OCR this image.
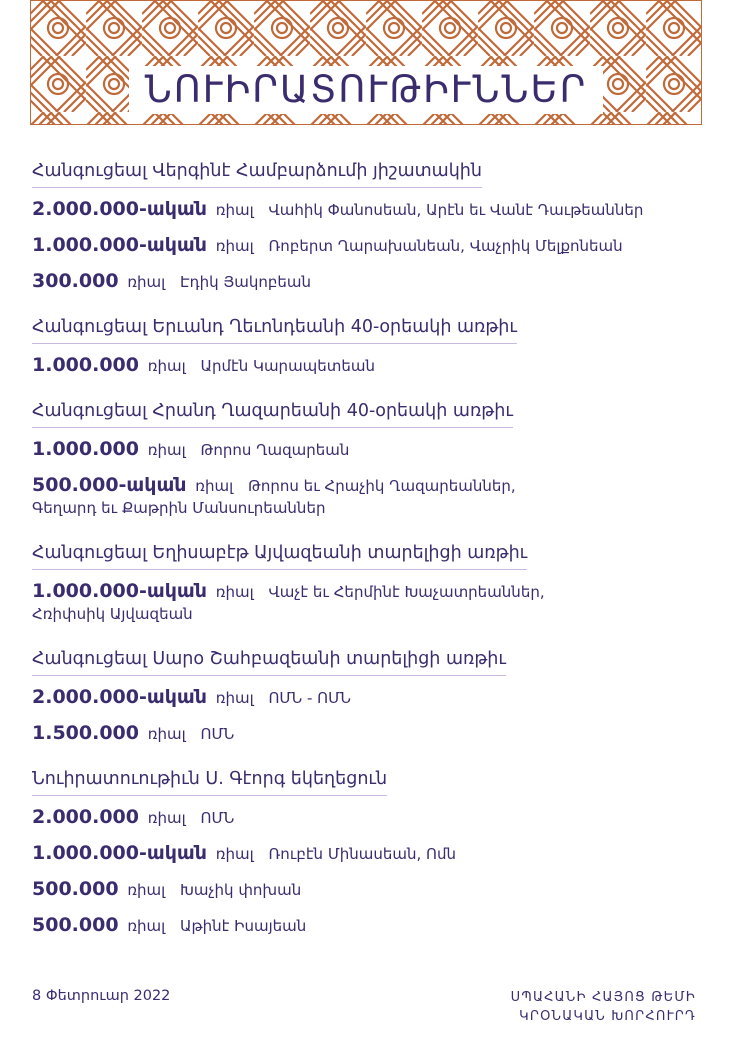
ՆՈՒԻՐԱՏՈՒԹԻՒՆՆԵՐ
Հանգուցեալ Վերգինէ Համբարձումի յիշատակին
2.000.000-ական ռիալ Վաhիկ Փանոսեան, Արէն եւ Վանէ Դաւթեաններ
1.000.000-ական ռիալ Ռոբերտ Ղարախանեան, Վաչրիկ Մելքոնեան
300.000 ռիալ Էդիկ Յակոբեան
Հանգուցեալ Երւանդ Ղեւոնդեանի 40-օրեակի առթիւ
1.000.000 ռիալ Արմէն Կարապետեան
Հանգուցեալ Հրանդ Ղազարեանի 40-օրեակի առթիւ
1.000.000 ռիալ Թորոս Ղազարեան
500.000-ական ռիալ Թորոս եւ Հրաչիկ Ղազարեաններ,
Գեղարդ եւ Քաթրին Մանսուրեաններ
Հանգուցեալ Եղիսաբէթ Այվազեանի տարելիցի առթիւ
1.000.000-ական ռիալ Վաչէ եւ Հերմինէ Խաչատրեաններ,
Հռիփսիկ Այվազեան
Հանգուցեալ Սարօ Շահբազեանի տարելիցի առթիւ
2.000.000-ական ռիալ ՈՄՆ - ՈՄՆ
1.500.000 ռիալ ՈՄՆ
Նուիրատուութիւն Ս. Գէորգ եկեղեցուն
2.000.000 ռիալ ՈՄՆ
1.000.000-ական ռիալ Ռուբէն Մինասեան, Ոմն
500.000 ռիալ Խաչիկ փոխան
500.000 ռիալ Աթինէ Իսայեան
8 Փետրուար 2022	ՍՊԱՀԱՆԻ ՀԱՅՈՑ ԹԵՄԻ
ԿՐՕՆԱԿԱՆ ԽՈՐՀՈՒՐԴ
